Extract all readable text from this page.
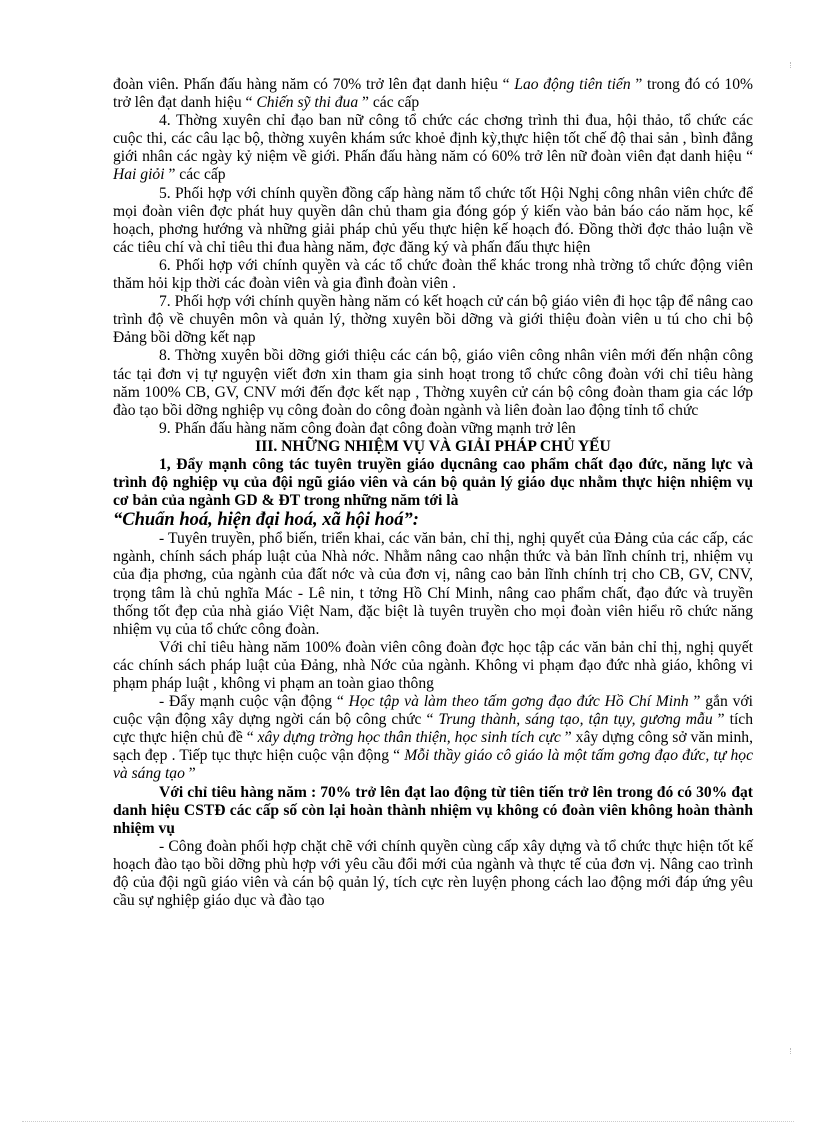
đoàn viên. Phấn đấu hàng năm có 70% trở lên đạt danh hiệu “ Lao động tiên tiến ” trong đó có 10% trở lên đạt danh hiệu “ Chiến sỹ thi đua ” các cấp

4. Thờng xuyên chỉ đạo ban nữ công tổ chức các chơng trình thi đua, hội thảo, tổ chức các cuộc thi, các câu lạc bộ, thờng xuyên khám sức khoẻ định kỳ,thực hiện tốt chế độ thai sản , bình đẳng giới nhân các ngày kỷ niệm về giới. Phấn đấu hàng năm có 60% trở lên nữ đoàn viên đạt danh hiệu “ Hai giỏi ” các cấp

5. Phối hợp với chính quyền đồng cấp hàng năm tổ chức tốt Hội Nghị công nhân viên chức để mọi đoàn viên đợc phát huy quyền dân chủ tham gia đóng góp ý kiến vào bản báo cáo năm học, kế hoạch, phơng hướng và những giải pháp chủ yếu thực hiện kế hoạch đó. Đồng thời đợc thảo luận về các tiêu chí và chỉ tiêu thi đua hàng năm, đợc đăng ký và phấn đấu thực hiện

6. Phối hợp với chính quyền và các tổ chức đoàn thể khác trong nhà trờng tổ chức động viên thăm hỏi kịp thời các đoàn viên và gia đình đoàn viên .

7. Phối hợp với chính quyền hàng năm có kết hoạch cử cán bộ giáo viên đi học tập để nâng cao trình độ về chuyên môn và quản lý, thờng xuyên bồi dỡng và giới thiệu đoàn viên u tú cho chi bộ Đảng bồi dỡng kết nạp

8. Thờng xuyên bồi dỡng giới thiệu các cán bộ, giáo viên công nhân viên mới đến nhận công tác tại đơn vị tự nguyện viết đơn xin tham gia sinh hoạt trong tổ chức công đoàn với chỉ tiêu hàng năm 100% CB, GV, CNV mới đến đợc kết nạp , Thờng xuyên cử cán bộ công đoàn tham gia các lớp đào tạo bồi dỡng nghiệp vụ công đoàn do công đoàn ngành và liên đoàn lao động tỉnh tổ chức

9. Phấn đấu hàng năm công đoàn đạt công đoàn vững mạnh trở lên

III. NHỮNG NHIỆM VỤ VÀ GIẢI PHÁP CHỦ YẾU

1, Đẩy mạnh công tác tuyên truyền giáo dụcnâng cao phẩm chất đạo đức, năng lực và trình độ nghiệp vụ của đội ngũ giáo viên và cán bộ quản lý giáo dục nhằm thực hiện nhiệm vụ cơ bản của ngành GD & ĐT trong những năm tới là

“Chuẩn hoá, hiện đại hoá, xã hội hoá”:

- Tuyên truyền, phổ biến, triển khai, các văn bản, chỉ thị, nghị quyết của Đảng của các cấp, các ngành, chính sách pháp luật của Nhà nớc. Nhằm nâng cao nhận thức và bản lĩnh chính trị, nhiệm vụ của địa phơng, của ngành của đất nớc và của đơn vị, nâng cao bản lĩnh chính trị cho CB, GV, CNV, trọng tâm là chủ nghĩa Mác - Lê nin, t tởng Hồ Chí Minh, nâng cao phẩm chất, đạo đức và truyền thống tốt đẹp của nhà giáo Việt Nam, đặc biệt là tuyên truyền cho mọi đoàn viên hiểu rõ chức năng nhiệm vụ của tổ chức công đoàn.

Với chỉ tiêu hàng năm 100% đoàn viên công đoàn đợc học tập các văn bản chỉ thị, nghị quyết các chính sách pháp luật của Đảng, nhà Nớc của ngành. Không vi phạm đạo đức nhà giáo, không vi phạm pháp luật , không vi phạm an toàn giao thông

- Đẩy mạnh cuộc vận động “ Học tập và làm theo tấm gơng đạo đức Hồ Chí Minh ” gắn với cuộc vận động xây dựng ngời cán bộ công chức “ Trung thành, sáng tạo, tận tụy, gương mẫu ” tích cực thực hiện chủ đề “ xây dựng trờng học thân thiện, học sinh tích cực ” xây dựng công sở văn minh, sạch đẹp . Tiếp tục thực hiện cuộc vận động “ Mỗi thầy giáo cô giáo là một tấm gơng đạo đức, tự học và sáng tạo ”

Với chỉ tiêu hàng năm : 70% trở lên đạt lao động từ tiên tiến trở lên trong đó có 30% đạt danh hiệu CSTĐ các cấp số còn lại hoàn thành nhiệm vụ không có đoàn viên không hoàn thành nhiệm vụ

- Công đoàn phối hợp chặt chẽ với chính quyền cùng cấp xây dựng và tổ chức thực hiện tốt kế hoạch đào tạo bồi dỡng phù hợp với yêu cầu đổi mới của ngành và thực tế của đơn vị. Nâng cao trình độ của đội ngũ giáo viên và cán bộ quản lý, tích cực rèn luyện phong cách lao động mới đáp ứng yêu cầu sự nghiệp giáo dục và đào tạo
